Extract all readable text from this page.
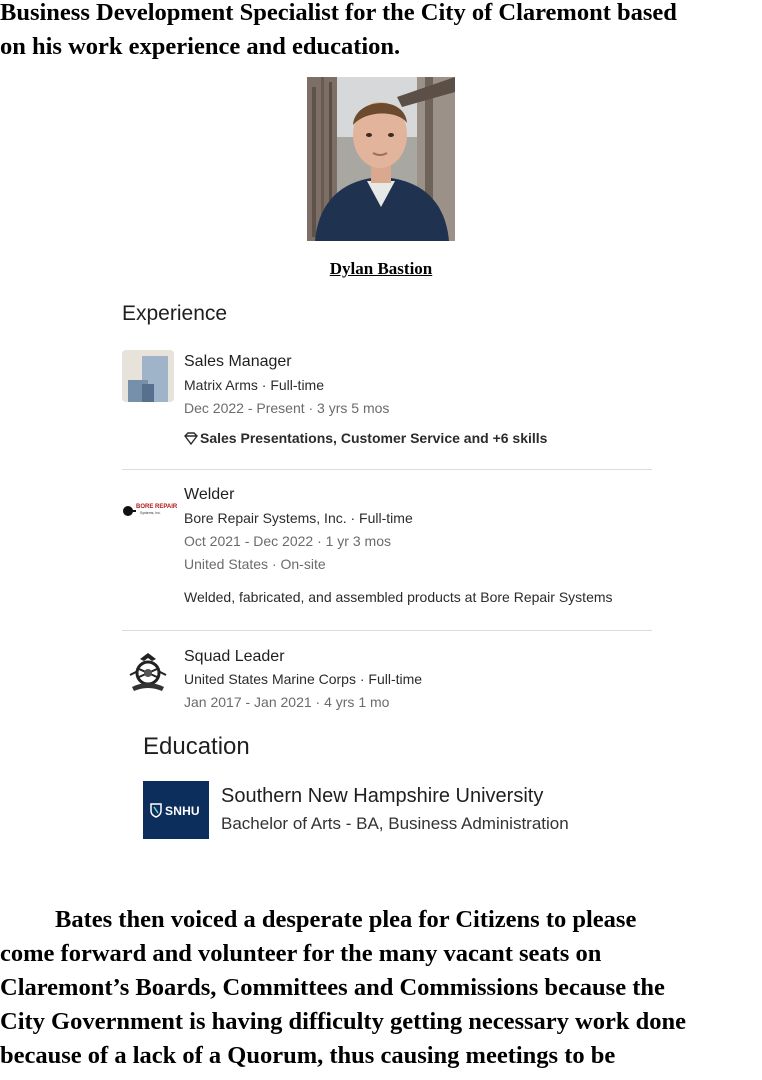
Business Development Specialist for the City of Claremont based
on his work experience and education.
Dylan Bastion
Experience
Sales Manager
Matrix Arms · Full-time
Dec 2022 - Present · 3 yrs 5 mos
Sales Presentations, Customer Service and +6 skills
BORE REPAIR
Systems, Inc.
Welder
Bore Repair Systems, Inc. · Full-time
Oct 2021 - Dec 2022 · 1 yr 3 mos
United States · On-site
Welded, fabricated, and assembled products at Bore Repair Systems
Squad Leader
United States Marine Corps · Full-time
Jan 2017 - Jan 2021 · 4 yrs 1 mo
Education
SNHU
Southern New Hampshire University
Bachelor of Arts - BA, Business Administration
Bates then voiced a desperate plea for Citizens to please
come forward and volunteer for the many vacant seats on
Claremont’s Boards, Committees and Commissions because the
City Government is having difficulty getting necessary work done
because of a lack of a Quorum, thus causing meetings to be
